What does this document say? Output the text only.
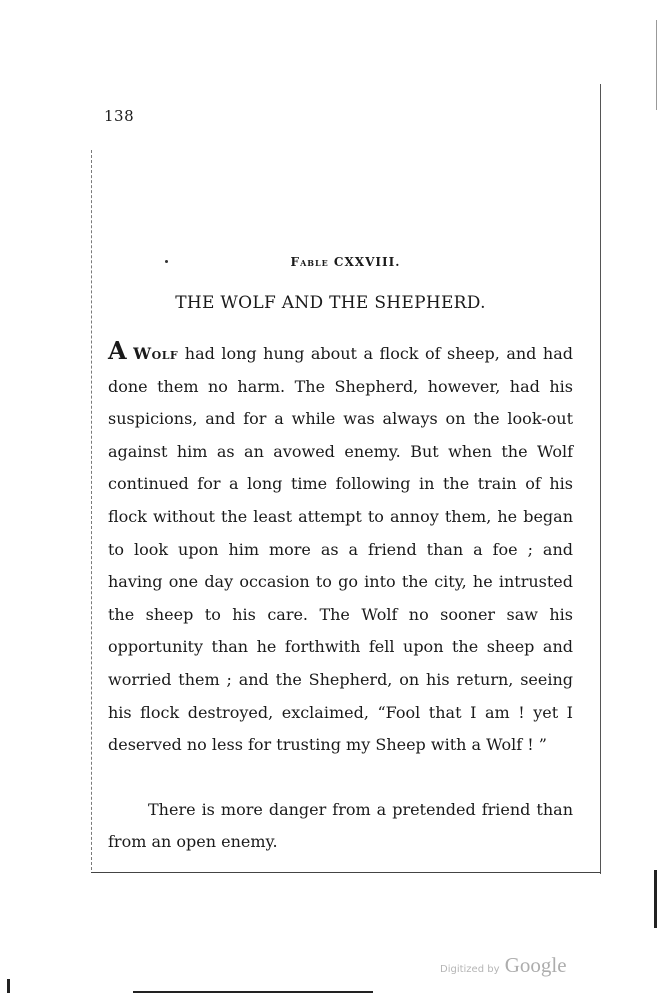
138
Fable CXXVIII.
THE WOLF AND THE SHEPHERD.

A Wolf had long hung about a flock of sheep, and had done them no harm. The Shepherd, however, had his suspicions, and for a while was always on the look-out against him as an avowed enemy. But when the Wolf continued for a long time following in the train of his flock without the least attempt to annoy them, he began to look upon him more as a friend than a foe ; and having one day occasion to go into the city, he intrusted the sheep to his care. The Wolf no sooner saw his opportunity than he forthwith fell upon the sheep and worried them ; and the Shepherd, on his return, seeing his flock destroyed, exclaimed, “Fool that I am ! yet I deserved no less for trusting my Sheep with a Wolf ! ”

There is more danger from a pretended friend than from an open enemy.
Digitized by Google
